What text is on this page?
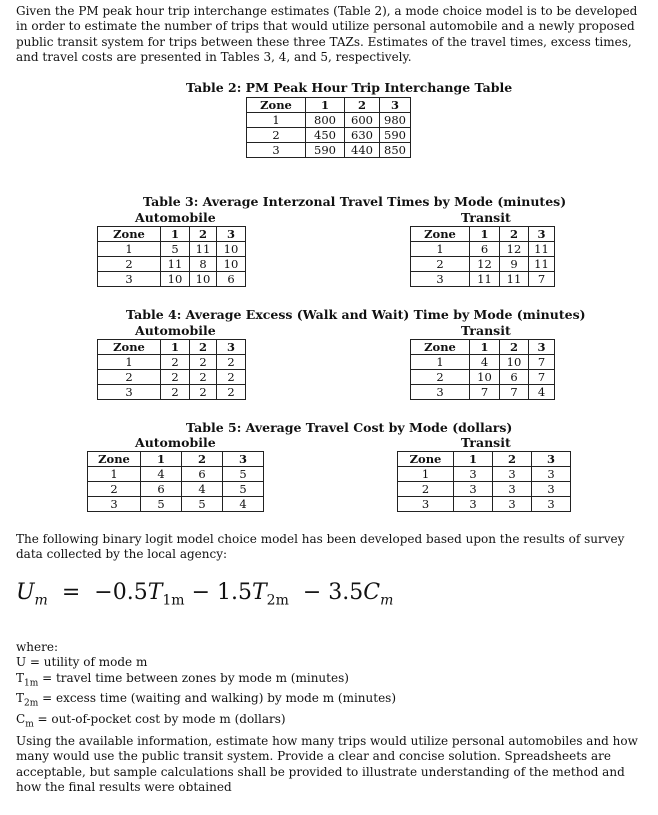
Given the PM peak hour trip interchange estimates (Table 2), a mode choice model is to be developed in order to estimate the number of trips that would utilize personal automobile and a newly proposed public transit system for trips between these three TAZs. Estimates of the travel times, excess times, and travel costs are presented in Tables 3, 4, and 5, respectively.
Table 2: PM Peak Hour Trip Interchange Table
Zone	1	2	3
1	800	600	980
2	450	630	590
3	590	440	850
Table 3: Average Interzonal Travel Times by Mode (minutes)
Automobile	Transit
Zone	1	2	3
1	5	11	10
2	11	8	10
3	10	10	6
Zone	1	2	3
1	6	12	11
2	12	9	11
3	11	11	7
Table 4: Average Excess (Walk and Wait) Time by Mode (minutes)
Automobile	Transit
Zone	1	2	3
1	2	2	2
2	2	2	2
3	2	2	2
Zone	1	2	3
1	4	10	7
2	10	6	7
3	7	7	4
Table 5: Average Travel Cost by Mode (dollars)
Automobile	Transit
Zone	1	2	3
1	4	6	5
2	6	4	5
3	5	5	4
Zone	1	2	3
1	3	3	3
2	3	3	3
3	3	3	3
The following binary logit model choice model has been developed based upon the results of survey data collected by the local agency:
$U_m = -0.5T_{1m} - 1.5T_{2m} - 3.5C_m$
where:
U = utility of mode m
$T_{1m}$ = travel time between zones by mode m (minutes)
$T_{2m}$ = excess time (waiting and walking) by mode m (minutes)
$C_m$ = out-of-pocket cost by mode m (dollars)
Using the available information, estimate how many trips would utilize personal automobiles and how many would use the public transit system. Provide a clear and concise solution. Spreadsheets are acceptable, but sample calculations shall be provided to illustrate understanding of the method and how the final results were obtained
